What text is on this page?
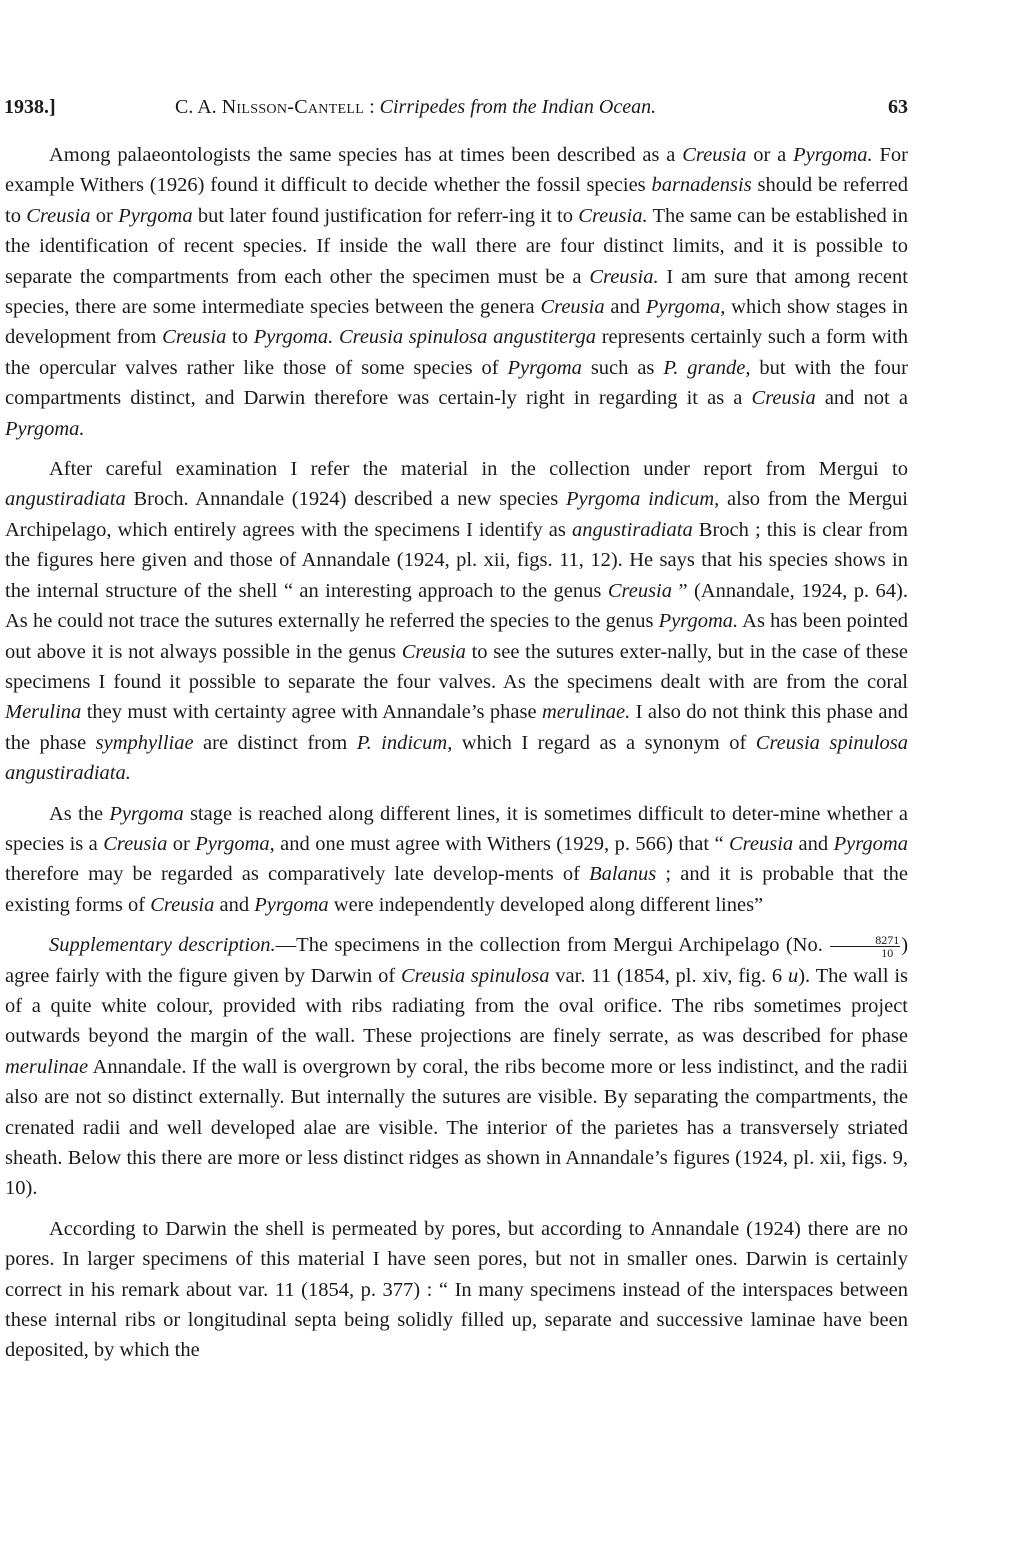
1938.]	C. A. Nilsson-Cantell : Cirripedes from the Indian Ocean.	63

Among palaeontologists the same species has at times been described as a Creusia or a Pyrgoma. For example Withers (1926) found it difficult to decide whether the fossil species barnadensis should be referred to Creusia or Pyrgoma but later found justification for referr-ing it to Creusia. The same can be established in the identification of recent species. If inside the wall there are four distinct limits, and it is possible to separate the compartments from each other the specimen must be a Creusia. I am sure that among recent species, there are some intermediate species between the genera Creusia and Pyrgoma, which show stages in development from Creusia to Pyrgoma. Creusia spinulosa angustiterga represents certainly such a form with the opercular valves rather like those of some species of Pyrgoma such as P. grande, but with the four compartments distinct, and Darwin therefore was certain-ly right in regarding it as a Creusia and not a Pyrgoma.

After careful examination I refer the material in the collection under report from Mergui to angustiradiata Broch. Annandale (1924) described a new species Pyrgoma indicum, also from the Mergui Archipelago, which entirely agrees with the specimens I identify as angustiradiata Broch ; this is clear from the figures here given and those of Annandale (1924, pl. xii, figs. 11, 12). He says that his species shows in the internal structure of the shell “ an interesting approach to the genus Creusia ” (Annandale, 1924, p. 64). As he could not trace the sutures externally he referred the species to the genus Pyrgoma. As has been pointed out above it is not always possible in the genus Creusia to see the sutures exter-nally, but in the case of these specimens I found it possible to separate the four valves. As the specimens dealt with are from the coral Merulina they must with certainty agree with Annandale’s phase merulinae. I also do not think this phase and the phase symphylliae are distinct from P. indicum, which I regard as a synonym of Creusia spinulosa angustiradiata.

As the Pyrgoma stage is reached along different lines, it is sometimes difficult to deter-mine whether a species is a Creusia or Pyrgoma, and one must agree with Withers (1929, p. 566) that “ Creusia and Pyrgoma therefore may be regarded as comparatively late develop-ments of Balanus ; and it is probable that the existing forms of Creusia and Pyrgoma were independently developed along different lines”

Supplementary description.—The specimens in the collection from Mergui Archipelago (No. $\frac{8271}{10}$ ) agree fairly with the figure given by Darwin of Creusia spinulosa var. 11 (1854, pl. xiv, fig. 6 u). The wall is of a quite white colour, provided with ribs radiating from the oval orifice. The ribs sometimes project outwards beyond the margin of the wall. These projections are finely serrate, as was described for phase merulinae Annandale. If the wall is overgrown by coral, the ribs become more or less indistinct, and the radii also are not so distinct externally. But internally the sutures are visible. By separating the compartments, the crenated radii and well developed alae are visible. The interior of the parietes has a transversely striated sheath. Below this there are more or less distinct ridges as shown in Annandale’s figures (1924, pl. xii, figs. 9, 10).

According to Darwin the shell is permeated by pores, but according to Annandale (1924) there are no pores. In larger specimens of this material I have seen pores, but not in smaller ones. Darwin is certainly correct in his remark about var. 11 (1854, p. 377) : “ In many specimens instead of the interspaces between these internal ribs or longitudinal septa being solidly filled up, separate and successive laminae have been deposited, by which the
